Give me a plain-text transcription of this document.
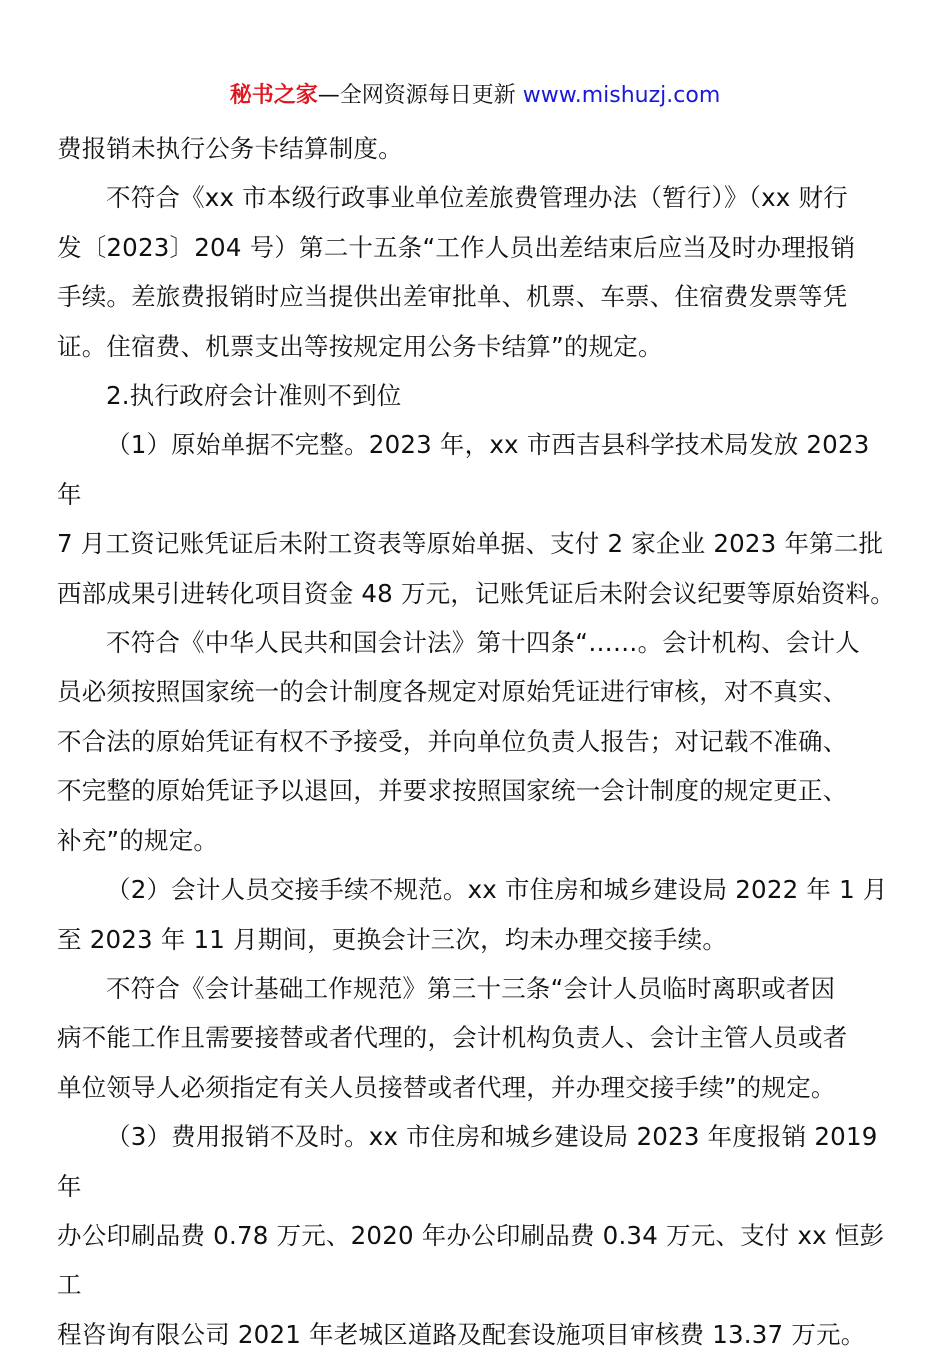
秘书之家—全网资源每日更新 www.mishuzj.com

费报销未执行公务卡结算制度。

不符合《xx 市本级行政事业单位差旅费管理办法（暂行）》（xx 财行
发〔2023〕204 号）第二十五条“工作人员出差结束后应当及时办理报销
手续。差旅费报销时应当提供出差审批单、机票、车票、住宿费发票等凭
证。住宿费、机票支出等按规定用公务卡结算”的规定。

2.执行政府会计准则不到位

（1）原始单据不完整。2023 年，xx 市西吉县科学技术局发放 2023 年
7 月工资记账凭证后未附工资表等原始单据、支付 2 家企业 2023 年第二批
西部成果引进转化项目资金 48 万元，记账凭证后未附会议纪要等原始资料。

不符合《中华人民共和国会计法》第十四条“……。会计机构、会计人
员必须按照国家统一的会计制度各规定对原始凭证进行审核，对不真实、
不合法的原始凭证有权不予接受，并向单位负责人报告；对记载不准确、
不完整的原始凭证予以退回，并要求按照国家统一会计制度的规定更正、
补充”的规定。

（2）会计人员交接手续不规范。xx 市住房和城乡建设局 2022 年 1 月
至 2023 年 11 月期间，更换会计三次，均未办理交接手续。

不符合《会计基础工作规范》第三十三条“会计人员临时离职或者因
病不能工作且需要接替或者代理的，会计机构负责人、会计主管人员或者
单位领导人必须指定有关人员接替或者代理，并办理交接手续”的规定。

（3）费用报销不及时。xx 市住房和城乡建设局 2023 年度报销 2019 年
办公印刷品费 0.78 万元、2020 年办公印刷品费 0.34 万元、支付 xx 恒彭工
程咨询有限公司 2021 年老城区道路及配套设施项目审核费 13.37 万元。
